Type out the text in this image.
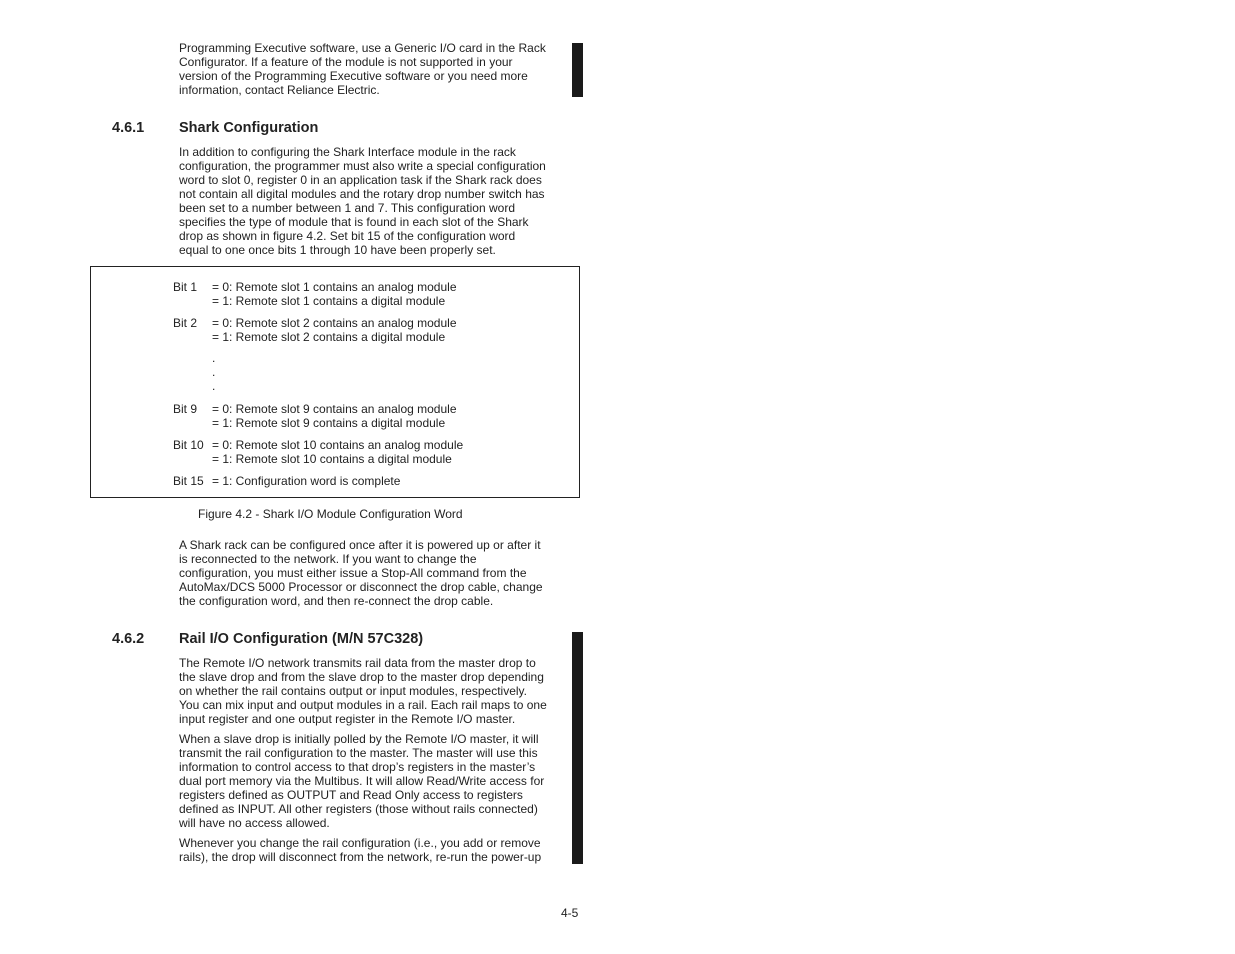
Programming Executive software, use a Generic I/O card in the Rack
Configurator. If a feature of the module is not supported in your
version of the Programming Executive software or you need more
information, contact Reliance Electric.

4.6.1 Shark Configuration

In addition to configuring the Shark Interface module in the rack
configuration, the programmer must also write a special configuration
word to slot 0, register 0 in an application task if the Shark rack does
not contain all digital modules and the rotary drop number switch has
been set to a number between 1 and 7. This configuration word
specifies the type of module that is found in each slot of the Shark
drop as shown in figure 4.2. Set bit 15 of the configuration word
equal to one once bits 1 through 10 have been properly set.

Bit 1 = 0: Remote slot 1 contains an analog module
= 1: Remote slot 1 contains a digital module
Bit 2 = 0: Remote slot 2 contains an analog module
= 1: Remote slot 2 contains a digital module
.
.
.
Bit 9 = 0: Remote slot 9 contains an analog module
= 1: Remote slot 9 contains a digital module
Bit 10 = 0: Remote slot 10 contains an analog module
= 1: Remote slot 10 contains a digital module
Bit 15 = 1: Configuration word is complete
Figure 4.2 - Shark I/O Module Configuration Word

A Shark rack can be configured once after it is powered up or after it
is reconnected to the network. If you want to change the
configuration, you must either issue a Stop-All command from the
AutoMax/DCS 5000 Processor or disconnect the drop cable, change
the configuration word, and then re-connect the drop cable.

4.6.2 Rail I/O Configuration (M/N 57C328)

The Remote I/O network transmits rail data from the master drop to
the slave drop and from the slave drop to the master drop depending
on whether the rail contains output or input modules, respectively.
You can mix input and output modules in a rail. Each rail maps to one
input register and one output register in the Remote I/O master.

When a slave drop is initially polled by the Remote I/O master, it will
transmit the rail configuration to the master. The master will use this
information to control access to that drop’s registers in the master’s
dual port memory via the Multibus. It will allow Read/Write access for
registers defined as OUTPUT and Read Only access to registers
defined as INPUT. All other registers (those without rails connected)
will have no access allowed.

Whenever you change the rail configuration (i.e., you add or remove
rails), the drop will disconnect from the network, re-run the power-up

4-5
